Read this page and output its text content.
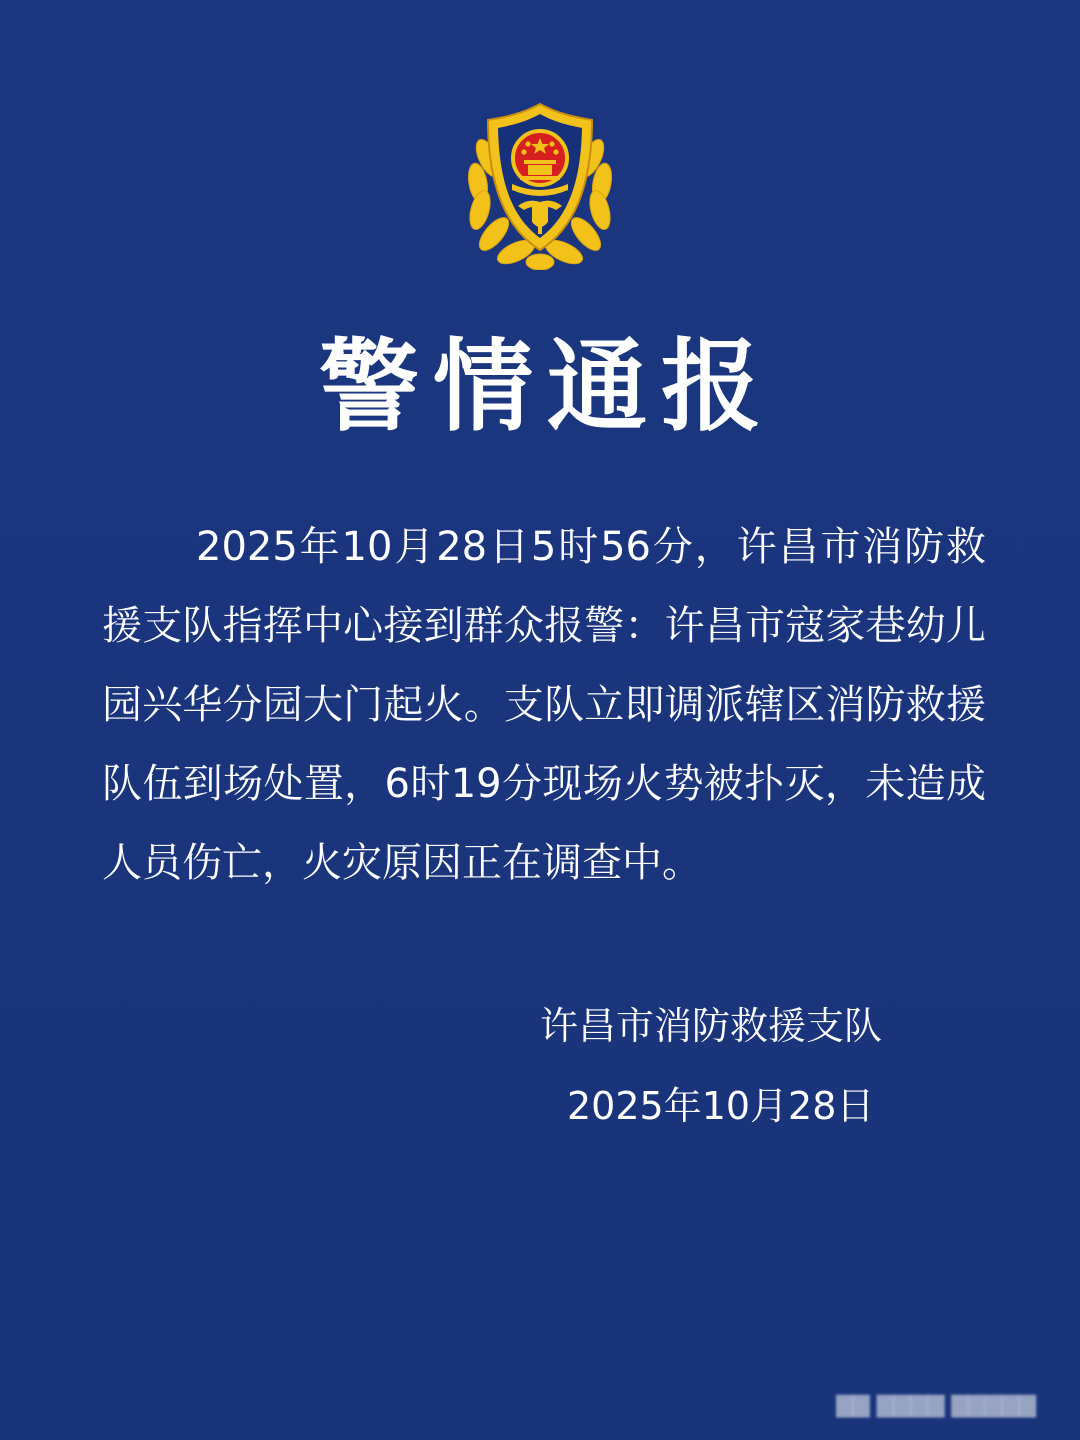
警情通报

2025年10月28日5时56分，许昌市消防救援支队指挥中心接到群众报警：许昌市寇家巷幼儿园兴华分园大门起火。支队立即调派辖区消防救援队伍到场处置，6时19分现场火势被扑灭，未造成人员伤亡，火灾原因正在调查中。

许昌市消防救援支队
2025年10月28日
▇▇ ▇▇▇▇ ▇▇▇▇▇
